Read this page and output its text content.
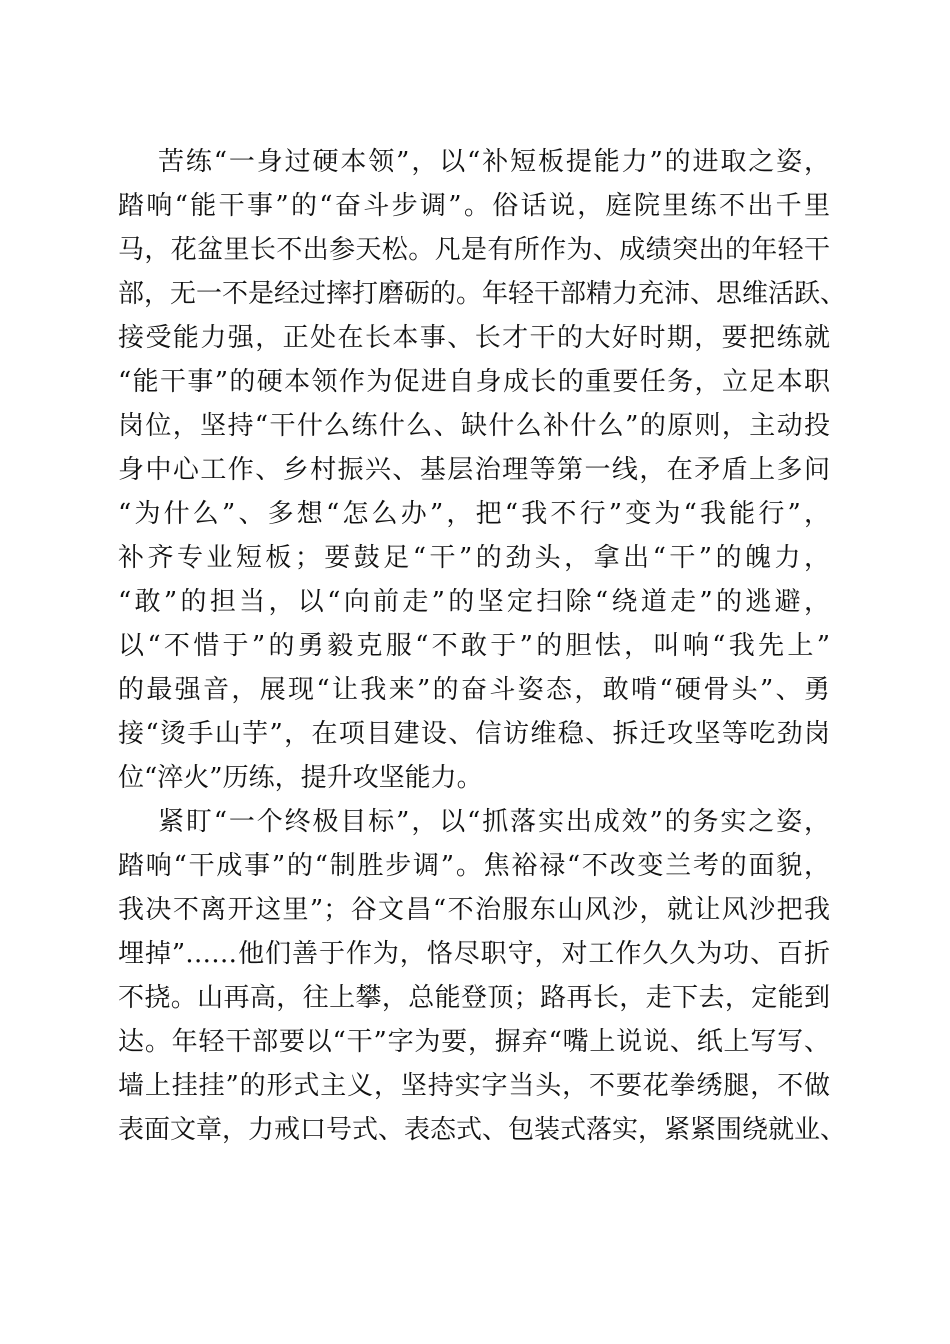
苦练“一身过硬本领”，以“补短板提能力”的进取之姿，
踏响“能干事”的“奋斗步调”。俗话说，庭院里练不出千里
马，花盆里长不出参天松。凡是有所作为、成绩突出的年轻干
部，无一不是经过摔打磨砺的。年轻干部精力充沛、思维活跃、
接受能力强，正处在长本事、长才干的大好时期，要把练就
“能干事”的硬本领作为促进自身成长的重要任务，立足本职
岗位，坚持“干什么练什么、缺什么补什么”的原则，主动投
身中心工作、乡村振兴、基层治理等第一线，在矛盾上多问
“为什么”、多想“怎么办”，把“我不行”变为“我能行”，
补齐专业短板；要鼓足“干”的劲头，拿出“干”的魄力，
“敢”的担当，以“向前走”的坚定扫除“绕道走”的逃避，
以“不惜于”的勇毅克服“不敢于”的胆怯，叫响“我先上”
的最强音，展现“让我来”的奋斗姿态，敢啃“硬骨头”、勇
接“烫手山芋”，在项目建设、信访维稳、拆迁攻坚等吃劲岗
位“淬火”历练，提升攻坚能力。
紧盯“一个终极目标”，以“抓落实出成效”的务实之姿，
踏响“干成事”的“制胜步调”。焦裕禄“不改变兰考的面貌，
我决不离开这里”；谷文昌“不治服东山风沙，就让风沙把我
埋掉”……他们善于作为，恪尽职守，对工作久久为功、百折
不挠。山再高，往上攀，总能登顶；路再长，走下去，定能到
达。年轻干部要以“干”字为要，摒弃“嘴上说说、纸上写写、
墙上挂挂”的形式主义，坚持实字当头，不要花拳绣腿，不做
表面文章，力戒口号式、表态式、包装式落实，紧紧围绕就业、
